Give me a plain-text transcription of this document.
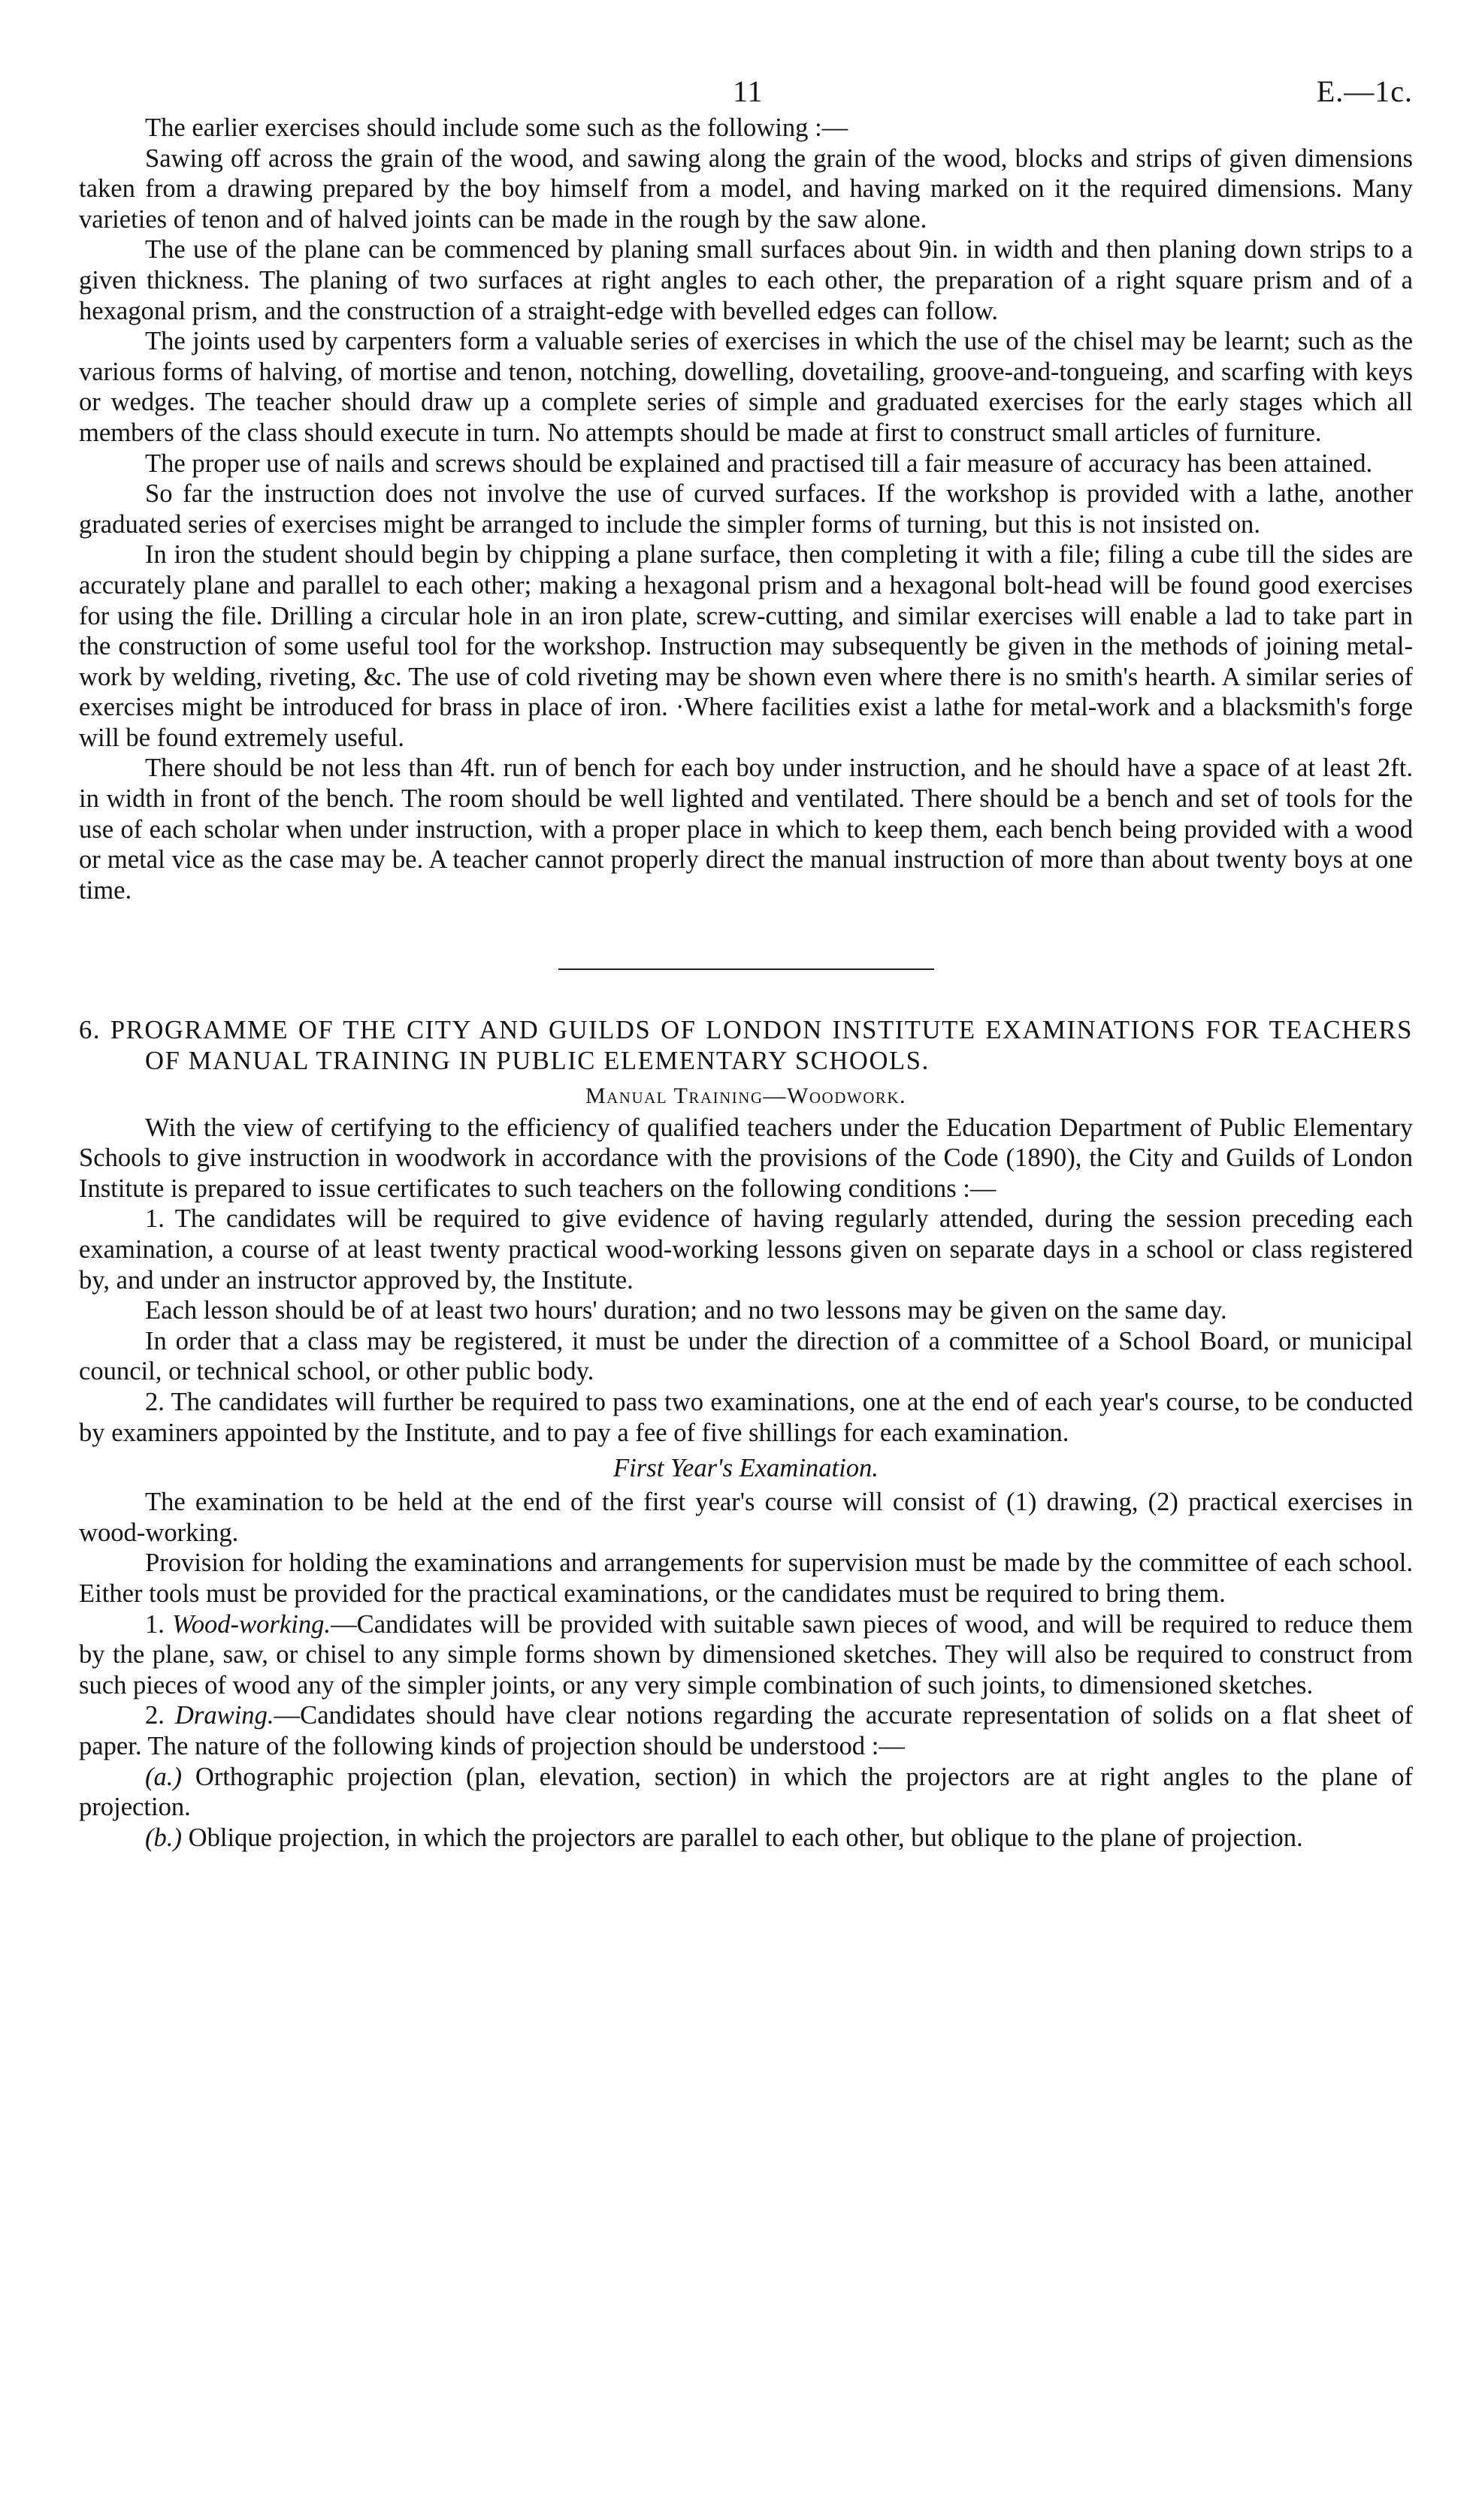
11	E.—1c.

The earlier exercises should include some such as the following :—

Sawing off across the grain of the wood, and sawing along the grain of the wood, blocks and strips of given dimensions taken from a drawing prepared by the boy himself from a model, and having marked on it the required dimensions. Many varieties of tenon and of halved joints can be made in the rough by the saw alone.

The use of the plane can be commenced by planing small surfaces about 9in. in width and then planing down strips to a given thickness. The planing of two surfaces at right angles to each other, the preparation of a right square prism and of a hexagonal prism, and the construction of a straight-edge with bevelled edges can follow.

The joints used by carpenters form a valuable series of exercises in which the use of the chisel may be learnt; such as the various forms of halving, of mortise and tenon, notching, dowelling, dovetailing, groove-and-tongueing, and scarfing with keys or wedges. The teacher should draw up a complete series of simple and graduated exercises for the early stages which all members of the class should execute in turn. No attempts should be made at first to construct small articles of furniture.

The proper use of nails and screws should be explained and practised till a fair measure of accuracy has been attained.

So far the instruction does not involve the use of curved surfaces. If the workshop is provided with a lathe, another graduated series of exercises might be arranged to include the simpler forms of turning, but this is not insisted on.

In iron the student should begin by chipping a plane surface, then completing it with a file; filing a cube till the sides are accurately plane and parallel to each other; making a hexagonal prism and a hexagonal bolt-head will be found good exercises for using the file. Drilling a circular hole in an iron plate, screw-cutting, and similar exercises will enable a lad to take part in the construction of some useful tool for the workshop. Instruction may subsequently be given in the methods of joining metal-work by welding, riveting, &c. The use of cold riveting may be shown even where there is no smith's hearth. A similar series of exercises might be introduced for brass in place of iron. ·Where facilities exist a lathe for metal-work and a blacksmith's forge will be found extremely useful.

There should be not less than 4ft. run of bench for each boy under instruction, and he should have a space of at least 2ft. in width in front of the bench. The room should be well lighted and ventilated. There should be a bench and set of tools for the use of each scholar when under instruction, with a proper place in which to keep them, each bench being provided with a wood or metal vice as the case may be. A teacher cannot properly direct the manual instruction of more than about twenty boys at one time.

6. PROGRAMME OF THE CITY AND GUILDS OF LONDON INSTITUTE EXAMINATIONS FOR TEACHERS OF MANUAL TRAINING IN PUBLIC ELEMENTARY SCHOOLS.
Manual Training—Woodwork.

With the view of certifying to the efficiency of qualified teachers under the Education Department of Public Elementary Schools to give instruction in woodwork in accordance with the provisions of the Code (1890), the City and Guilds of London Institute is prepared to issue certificates to such teachers on the following conditions :—

1. The candidates will be required to give evidence of having regularly attended, during the session preceding each examination, a course of at least twenty practical wood-working lessons given on separate days in a school or class registered by, and under an instructor approved by, the Institute.

Each lesson should be of at least two hours' duration; and no two lessons may be given on the same day.

In order that a class may be registered, it must be under the direction of a committee of a School Board, or municipal council, or technical school, or other public body.

2. The candidates will further be required to pass two examinations, one at the end of each year's course, to be conducted by examiners appointed by the Institute, and to pay a fee of five shillings for each examination.

First Year's Examination.

The examination to be held at the end of the first year's course will consist of (1) drawing, (2) practical exercises in wood-working.

Provision for holding the examinations and arrangements for supervision must be made by the committee of each school. Either tools must be provided for the practical examinations, or the candidates must be required to bring them.

1. Wood-working.—Candidates will be provided with suitable sawn pieces of wood, and will be required to reduce them by the plane, saw, or chisel to any simple forms shown by dimensioned sketches. They will also be required to construct from such pieces of wood any of the simpler joints, or any very simple combination of such joints, to dimensioned sketches.

2. Drawing.—Candidates should have clear notions regarding the accurate representation of solids on a flat sheet of paper. The nature of the following kinds of projection should be understood :—

(a.) Orthographic projection (plan, elevation, section) in which the projectors are at right angles to the plane of projection.

(b.) Oblique projection, in which the projectors are parallel to each other, but oblique to the plane of projection.
